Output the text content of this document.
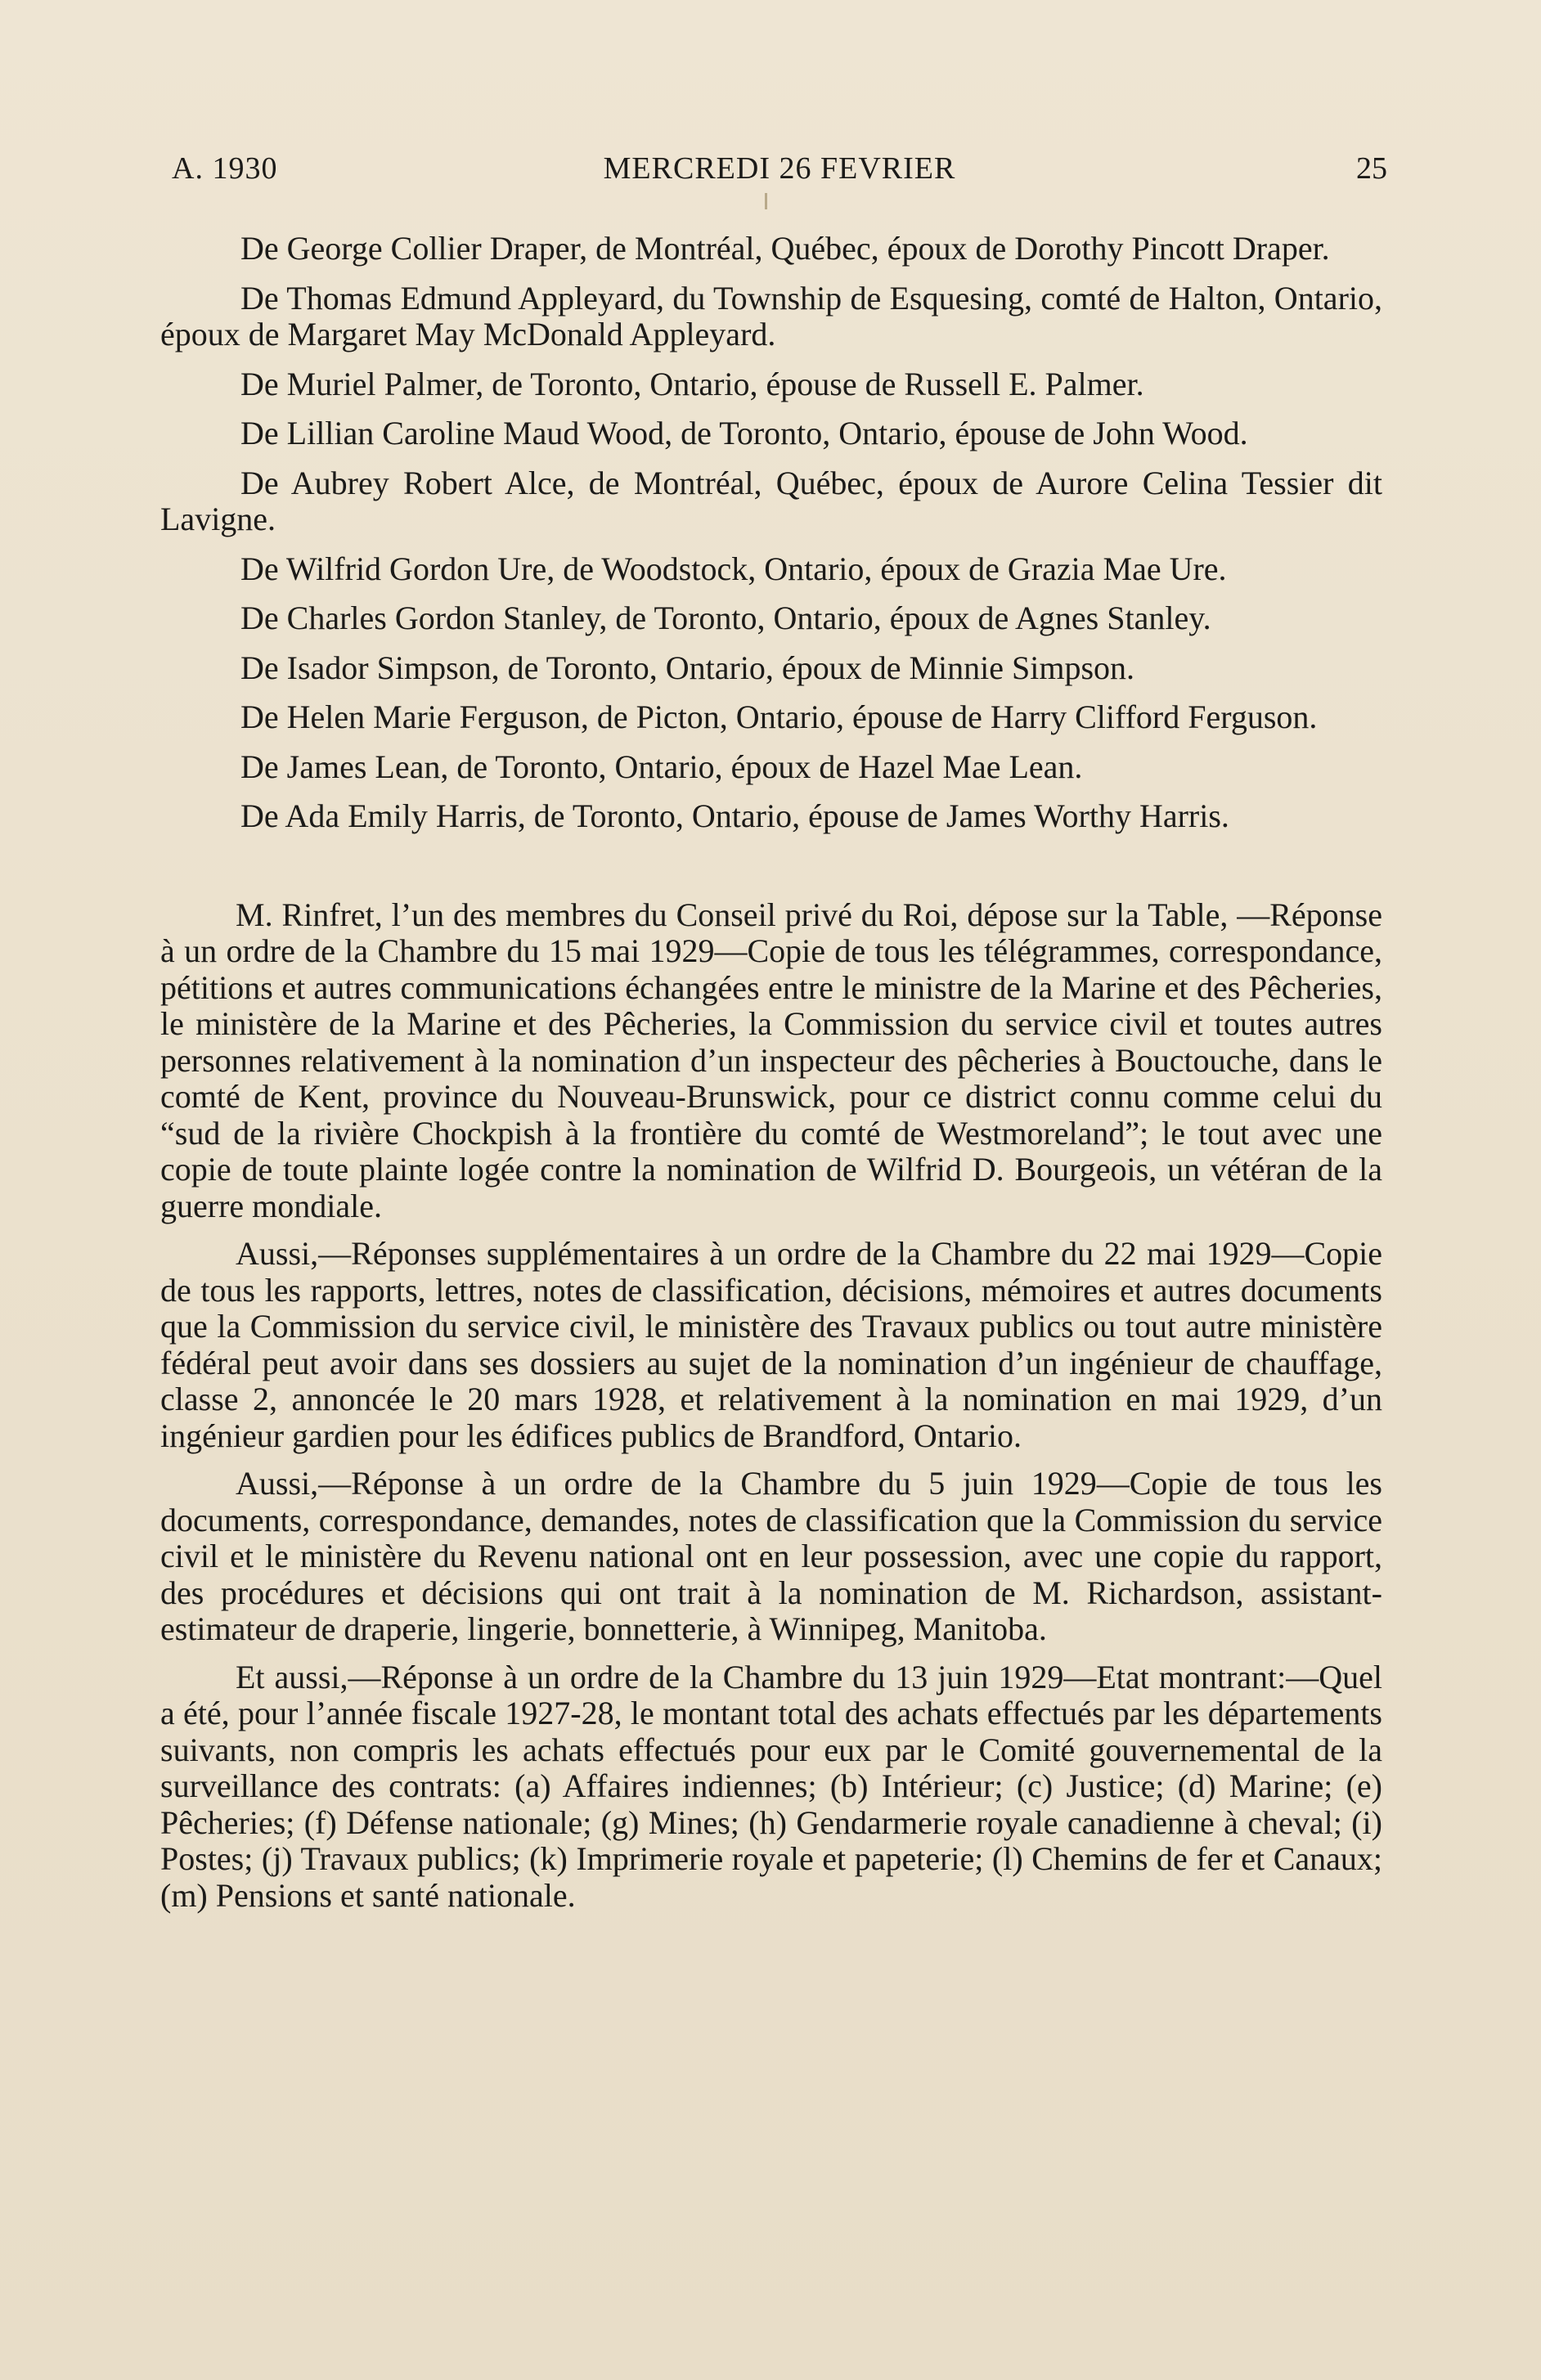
A. 1930	MERCREDI 26 FEVRIER	25

De George Collier Draper, de Montréal, Québec, époux de Dorothy Pincott Draper.

De Thomas Edmund Appleyard, du Township de Esquesing, comté de Halton, Ontario, époux de Margaret May McDonald Appleyard.

De Muriel Palmer, de Toronto, Ontario, épouse de Russell E. Palmer.

De Lillian Caroline Maud Wood, de Toronto, Ontario, épouse de John Wood.

De Aubrey Robert Alce, de Montréal, Québec, époux de Aurore Celina Tessier dit Lavigne.

De Wilfrid Gordon Ure, de Woodstock, Ontario, époux de Grazia Mae Ure.

De Charles Gordon Stanley, de Toronto, Ontario, époux de Agnes Stanley.

De Isador Simpson, de Toronto, Ontario, époux de Minnie Simpson.

De Helen Marie Ferguson, de Picton, Ontario, épouse de Harry Clifford Ferguson.

De James Lean, de Toronto, Ontario, époux de Hazel Mae Lean.

De Ada Emily Harris, de Toronto, Ontario, épouse de James Worthy Harris.

M. Rinfret, l’un des membres du Conseil privé du Roi, dépose sur la Table, —Réponse à un ordre de la Chambre du 15 mai 1929—Copie de tous les télégrammes, correspondance, pétitions et autres communications échangées entre le ministre de la Marine et des Pêcheries, le ministère de la Marine et des Pêcheries, la Commission du service civil et toutes autres personnes relativement à la nomination d’un inspecteur des pêcheries à Bouctouche, dans le comté de Kent, province du Nouveau-Brunswick, pour ce district connu comme celui du “sud de la rivière Chockpish à la frontière du comté de Westmoreland”; le tout avec une copie de toute plainte logée contre la nomination de Wilfrid D. Bourgeois, un vétéran de la guerre mondiale.

Aussi,—Réponses supplémentaires à un ordre de la Chambre du 22 mai 1929—Copie de tous les rapports, lettres, notes de classification, décisions, mémoires et autres documents que la Commission du service civil, le ministère des Travaux publics ou tout autre ministère fédéral peut avoir dans ses dossiers au sujet de la nomination d’un ingénieur de chauffage, classe 2, annoncée le 20 mars 1928, et relativement à la nomination en mai 1929, d’un ingénieur gardien pour les édifices publics de Brandford, Ontario.

Aussi,—Réponse à un ordre de la Chambre du 5 juin 1929—Copie de tous les documents, correspondance, demandes, notes de classification que la Commission du service civil et le ministère du Revenu national ont en leur possession, avec une copie du rapport, des procédures et décisions qui ont trait à la nomination de M. Richardson, assistant-estimateur de draperie, lingerie, bonnetterie, à Winnipeg, Manitoba.

Et aussi,—Réponse à un ordre de la Chambre du 13 juin 1929—Etat montrant:—Quel a été, pour l’année fiscale 1927-28, le montant total des achats effectués par les départements suivants, non compris les achats effectués pour eux par le Comité gouvernemental de la surveillance des contrats: (a) Affaires indiennes; (b) Intérieur; (c) Justice; (d) Marine; (e) Pêcheries; (f) Défense nationale; (g) Mines; (h) Gendarmerie royale canadienne à cheval; (i) Postes; (j) Travaux publics; (k) Imprimerie royale et papeterie; (l) Chemins de fer et Canaux; (m) Pensions et santé nationale.
